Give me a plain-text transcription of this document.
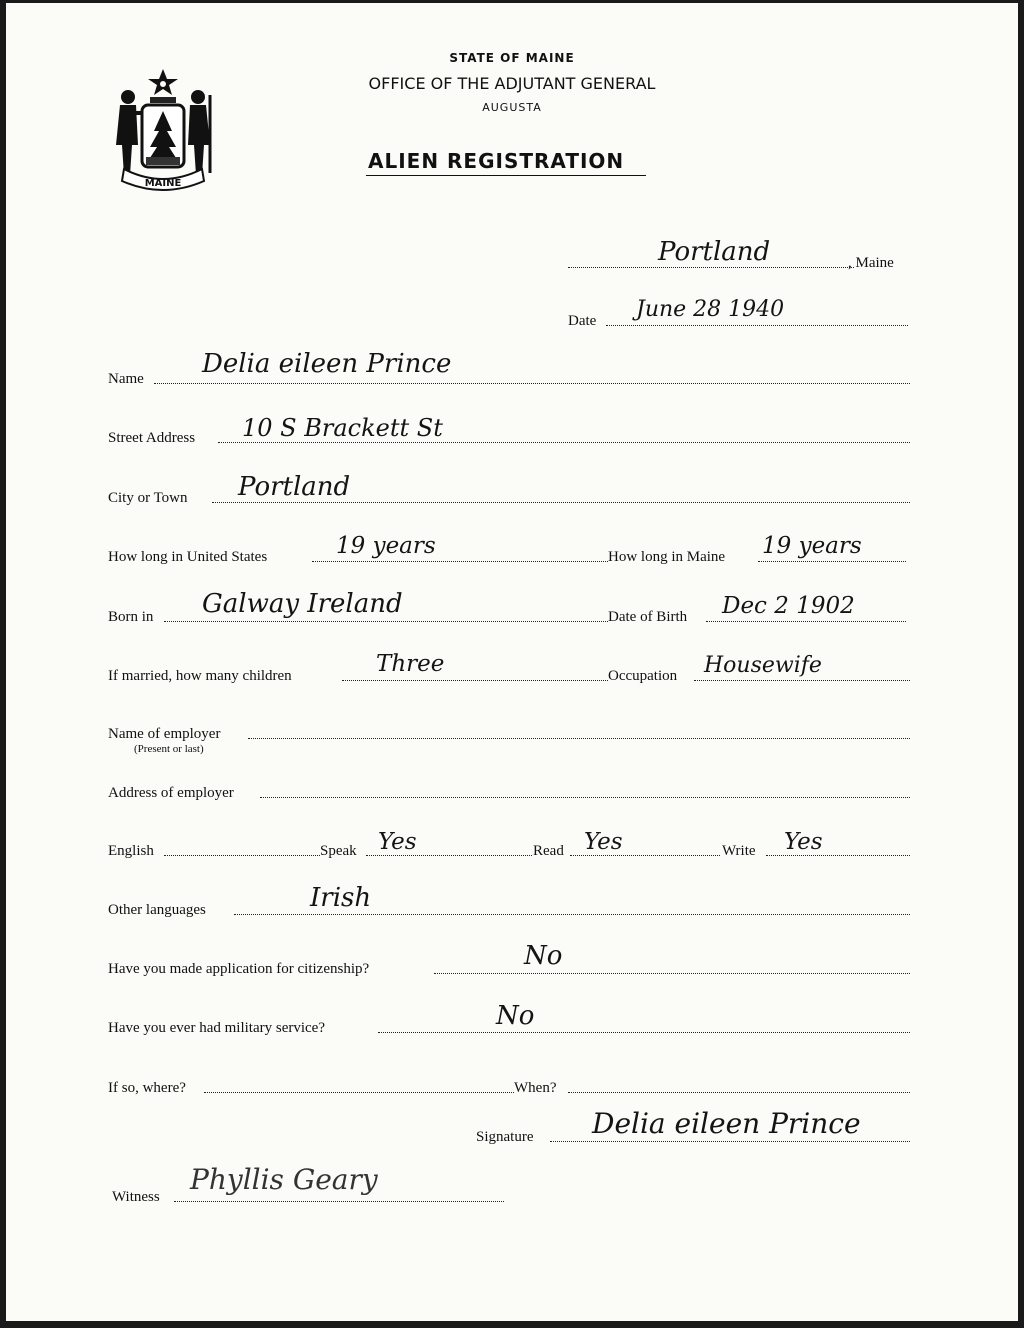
MAINE
STATE OF MAINE
OFFICE OF THE ADJUTANT GENERAL
AUGUSTA
ALIEN REGISTRATION
Portland	, Maine
Date June 28 1940
Name Delia eileen Prince
Street Address 10 S Brackett St
City or Town Portland
How long in United States	19 years	How long in Maine 19 years
Born in Galway Ireland	Date of Birth Dec 2 1902
If married, how many children	Three	Occupation Housewife
Name of employer
(Present or last)
Address of employer
English	Speak Yes	Read Yes	Write Yes
Other languages	Irish
Have you made application for citizenship?	No
Have you ever had military service?	No
If so, where?	When?
Signature Delia eileen Prince
Witness
Phyllis Geary
